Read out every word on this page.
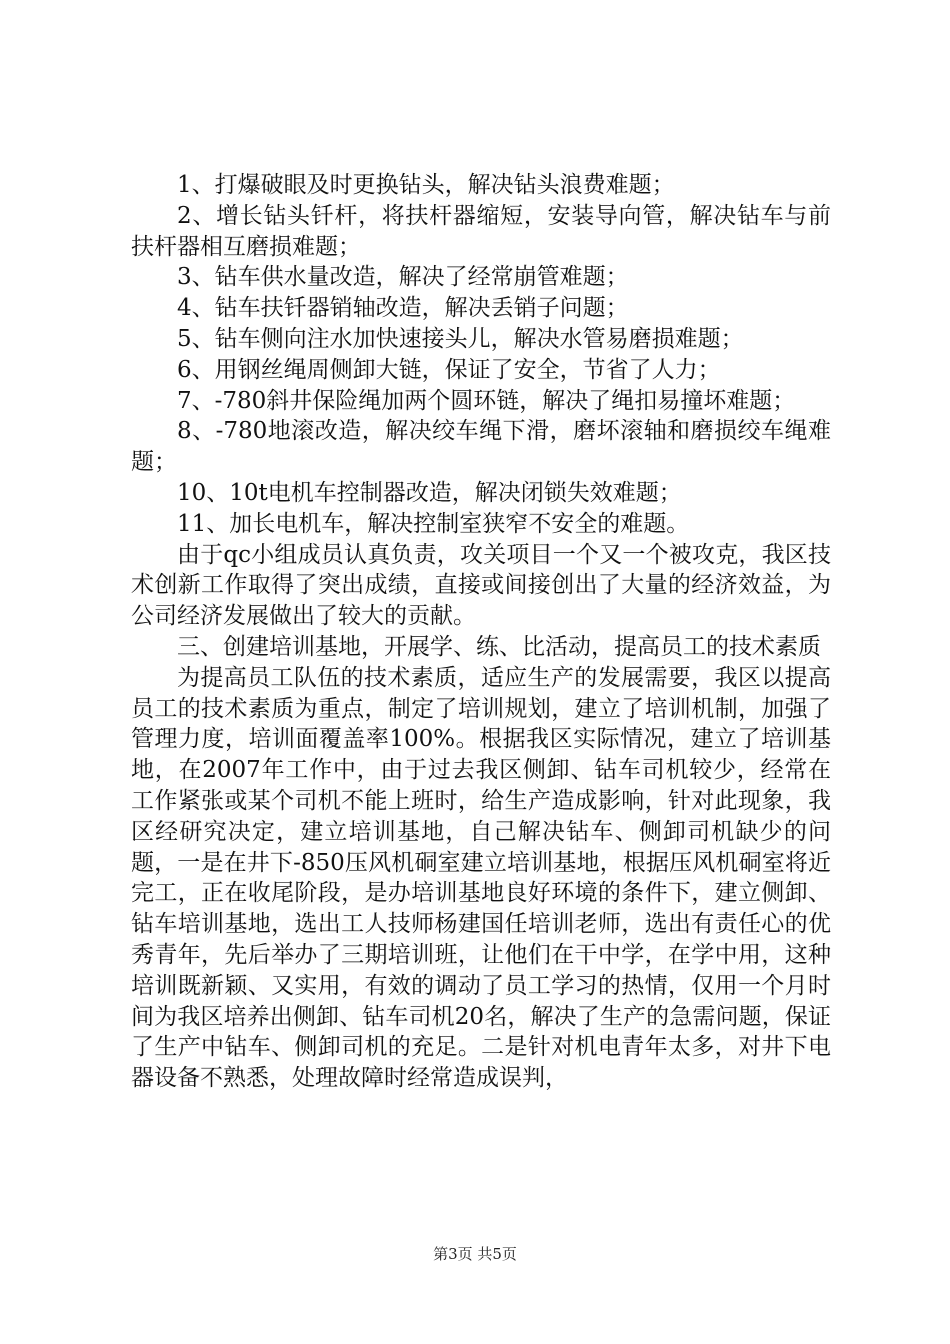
1、打爆破眼及时更换钻头，解决钻头浪费难题；

2、增长钻头钎杆，将扶杆器缩短，安装导向管，解决钻车与前扶杆器相互磨损难题；

3、钻车供水量改造，解决了经常崩管难题；

4、钻车扶钎器销轴改造，解决丢销子问题；

5、钻车侧向注水加快速接头儿，解决水管易磨损难题；

6、用钢丝绳周侧卸大链，保证了安全，节省了人力；

7、-780斜井保险绳加两个圆环链，解决了绳扣易撞坏难题；

8、-780地滚改造，解决绞车绳下滑，磨坏滚轴和磨损绞车绳难题；

10、10t电机车控制器改造，解决闭锁失效难题；

11、加长电机车，解决控制室狭窄不安全的难题。

由于qc小组成员认真负责，攻关项目一个又一个被攻克，我区技术创新工作取得了突出成绩，直接或间接创出了大量的经济效益，为公司经济发展做出了较大的贡献。

三、创建培训基地，开展学、练、比活动，提高员工的技术素质

为提高员工队伍的技术素质，适应生产的发展需要，我区以提高员工的技术素质为重点，制定了培训规划，建立了培训机制，加强了管理力度，培训面覆盖率100%。根据我区实际情况，建立了培训基地，在2007年工作中，由于过去我区侧卸、钻车司机较少，经常在工作紧张或某个司机不能上班时，给生产造成影响，针对此现象，我区经研究决定，建立培训基地，自己解决钻车、侧卸司机缺少的问题，一是在井下-850压风机硐室建立培训基地，根据压风机硐室将近完工，正在收尾阶段，是办培训基地良好环境的条件下，建立侧卸、钻车培训基地，选出工人技师杨建国任培训老师，选出有责任心的优秀青年，先后举办了三期培训班，让他们在干中学，在学中用，这种培训既新颖、又实用，有效的调动了员工学习的热情，仅用一个月时间为我区培养出侧卸、钻车司机20名，解决了生产的急需问题，保证了生产中钻车、侧卸司机的充足。二是针对机电青年太多，对井下电器设备不熟悉，处理故障时经常造成误判，

第3页 共5页
